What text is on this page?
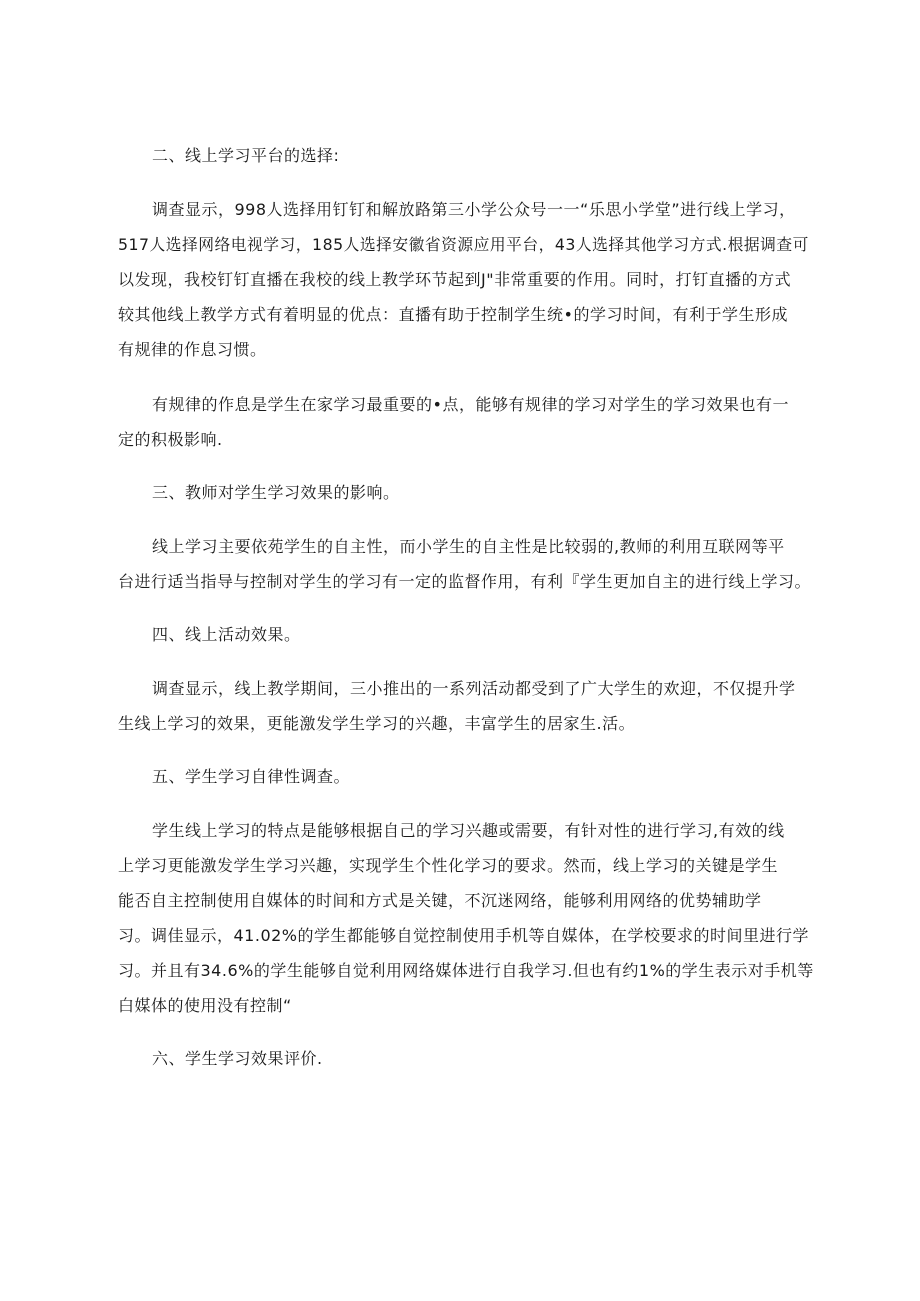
二、线上学习平台的选择:
调查显示，998人选择用钉钉和解放路第三小学公众号一一“乐思小学堂”进行线上学习，
517人选择网络电视学习，185人选择安徽省资源应用平台，43人选择其他学习方式.根据调查可
以发现，我校钉钉直播在我校的线上教学环节起到J"非常重要的作用。同时，打钉直播的方式
较其他线上教学方式有着明显的优点：直播有助于控制学生统•的学习时间，有利于学生形成
有规律的作息习惯。
有规律的作息是学生在家学习最重要的•点，能够有规律的学习对学生的学习效果也有一
定的积极影响.
三、教师对学生学习效果的影响。
线上学习主要依苑学生的自主性，而小学生的自主性是比较弱的,教师的利用互联网等平
台进行适当指导与控制对学生的学习有一定的监督作用，有利『学生更加自主的进行线上学习。
四、线上活动效果。
调查显示，线上教学期间，三小推出的一系列活动都受到了广大学生的欢迎，不仅提升学
生线上学习的效果，更能激发学生学习的兴趣，丰富学生的居家生.活。
五、学生学习自律性调查。
学生线上学习的特点是能够根据自己的学习兴趣或需要，有针对性的进行学习,有效的线
上学习更能激发学生学习兴趣，实现学生个性化学习的要求。然而，线上学习的关键是学生
能否自主控制使用自媒体的时间和方式是关键，不沉迷网络，能够利用网络的优势辅助学
习。调佳显示，41.02%的学生都能够自觉控制使用手机等自媒体，在学校要求的时间里进行学
习。并且有34.6%的学生能够自觉利用网络媒体进行自我学习.但也有约1%的学生表示对手机等
白媒体的使用没有控制“
六、学生学习效果评价.
